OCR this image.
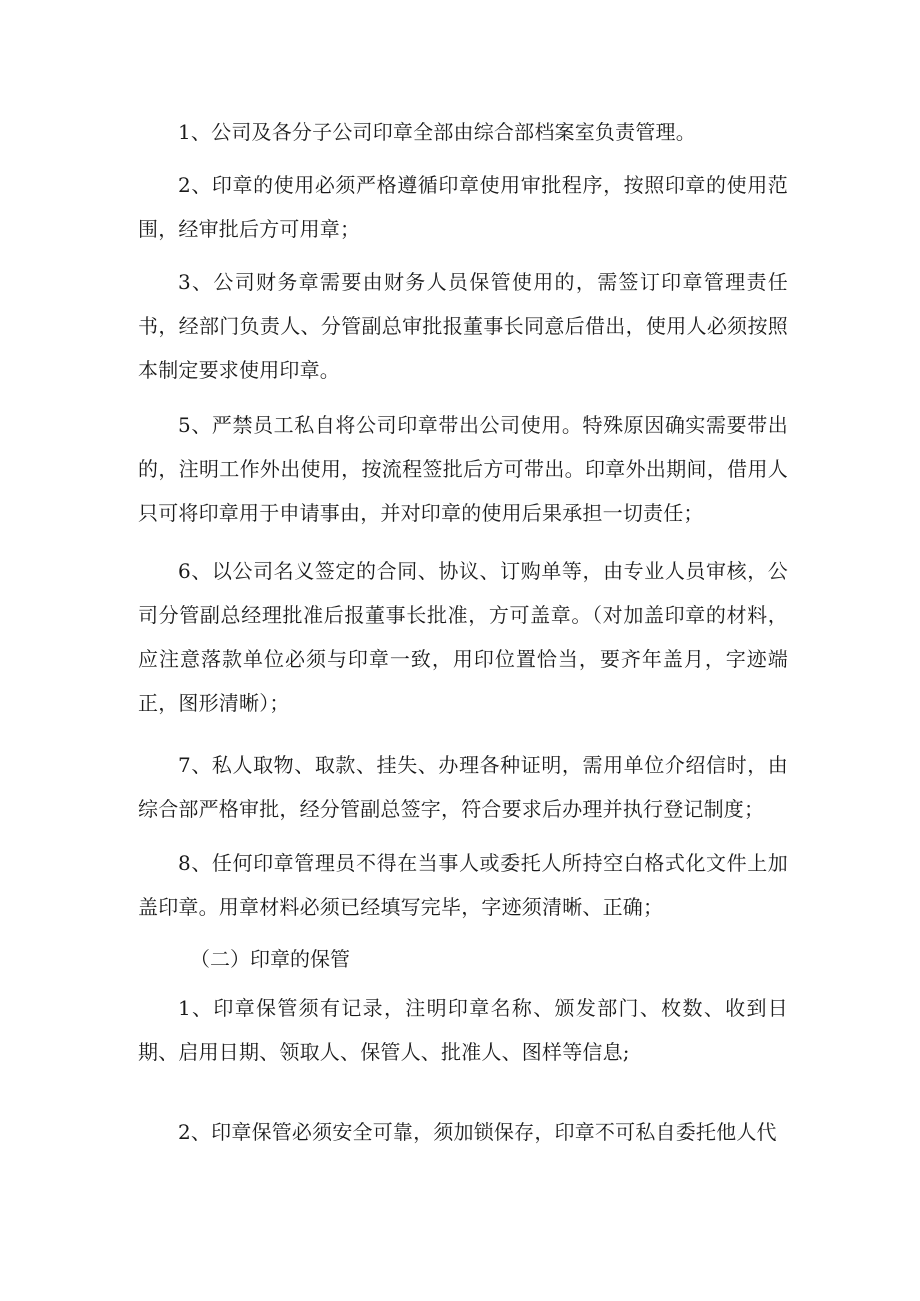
1、公司及各分子公司印章全部由综合部档案室负责管理。

2、印章的使用必须严格遵循印章使用审批程序，按照印章的使用范围，经审批后方可用章；

3、公司财务章需要由财务人员保管使用的，需签订印章管理责任书，经部门负责人、分管副总审批报董事长同意后借出，使用人必须按照本制定要求使用印章。

5、严禁员工私自将公司印章带出公司使用。特殊原因确实需要带出的，注明工作外出使用，按流程签批后方可带出。印章外出期间，借用人只可将印章用于申请事由，并对印章的使用后果承担一切责任；

6、以公司名义签定的合同、协议、订购单等，由专业人员审核，公司分管副总经理批准后报董事长批准，方可盖章。（对加盖印章的材料，应注意落款单位必须与印章一致，用印位置恰当，要齐年盖月，字迹端正，图形清晰）；

7、私人取物、取款、挂失、办理各种证明，需用单位介绍信时，由综合部严格审批，经分管副总签字，符合要求后办理并执行登记制度；

8、任何印章管理员不得在当事人或委托人所持空白格式化文件上加盖印章。用章材料必须已经填写完毕，字迹须清晰、正确；

（二）印章的保管

1、印章保管须有记录，注明印章名称、颁发部门、枚数、收到日期、启用日期、领取人、保管人、批准人、图样等信息;

2、印章保管必须安全可靠，须加锁保存，印章不可私自委托他人代
